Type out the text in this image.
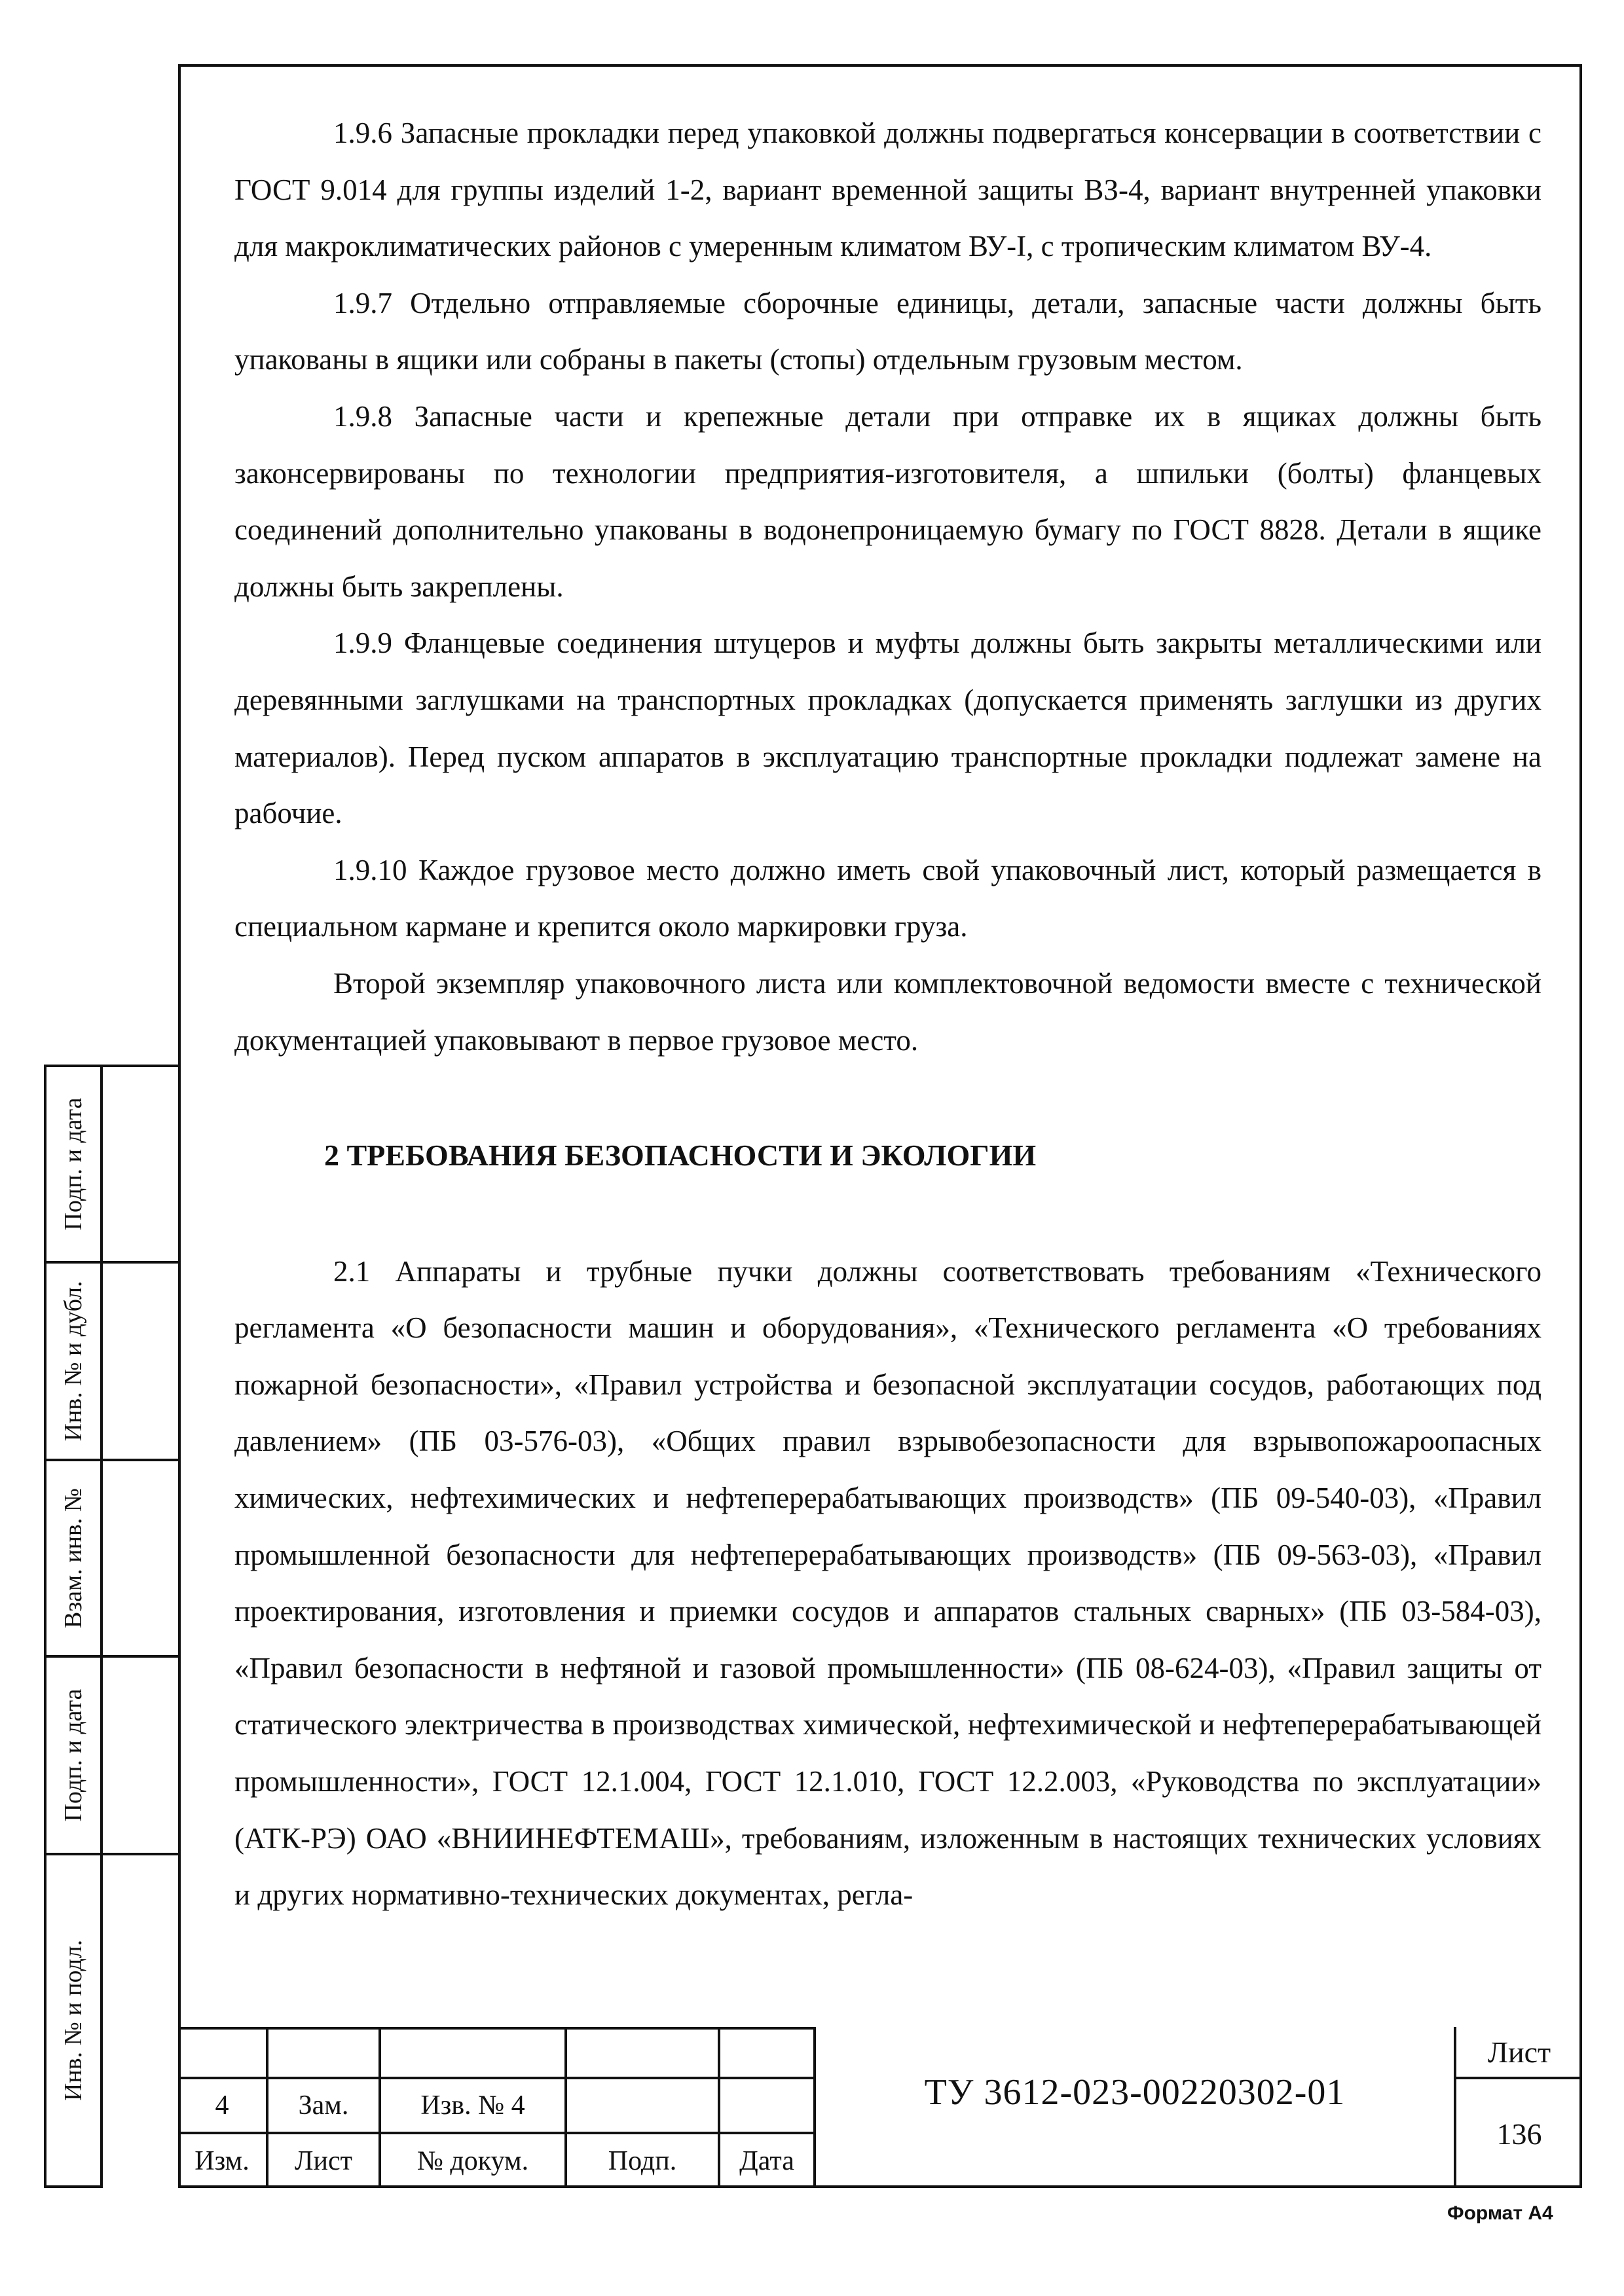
1.9.6 Запасные прокладки перед упаковкой должны подвергаться консервации в соответствии с ГОСТ 9.014 для группы изделий 1-2, вариант временной защиты ВЗ-4, вариант внутренней упаковки для макроклиматических районов с умеренным климатом ВУ-I, с тропическим климатом ВУ-4.

1.9.7 Отдельно отправляемые сборочные единицы, детали, запасные части должны быть упакованы в ящики или собраны в пакеты (стопы) отдельным грузовым местом.

1.9.8 Запасные части и крепежные детали при отправке их в ящиках должны быть законсервированы по технологии предприятия-изготовителя, а шпильки (болты) фланцевых соединений дополнительно упакованы в водонепроницаемую бумагу по ГОСТ 8828. Детали в ящике должны быть закреплены.

1.9.9 Фланцевые соединения штуцеров и муфты должны быть закрыты металлическими или деревянными заглушками на транспортных прокладках (допускается применять заглушки из других материалов). Перед пуском аппаратов в эксплуатацию транспортные прокладки подлежат замене на рабочие.

1.9.10 Каждое грузовое место должно иметь свой упаковочный лист, который размещается в специальном кармане и крепится около маркировки груза.

Второй экземпляр упаковочного листа или комплектовочной ведомости вместе с технической документацией упаковывают в первое грузовое место.

2 ТРЕБОВАНИЯ БЕЗОПАСНОСТИ И ЭКОЛОГИИ

2.1 Аппараты и трубные пучки должны соответствовать требованиям «Технического регламента «О безопасности машин и оборудования», «Технического регламента «О требованиях пожарной безопасности», «Правил устройства и безопасной эксплуатации сосудов, работающих под давлением» (ПБ 03-576-03), «Общих правил взрывобезопасности для взрывопожароопасных химических, нефтехимических и нефтеперерабатывающих производств» (ПБ 09-540-03), «Правил промышленной безопасности для нефтеперерабатывающих производств» (ПБ 09-563-03), «Правил проектирования, изготовления и приемки сосудов и аппаратов стальных сварных» (ПБ 03-584-03), «Правил безопасности в нефтяной и газовой промышленности» (ПБ 08-624-03), «Правил защиты от статического электричества в производствах химической, нефтехимической и нефтеперерабатывающей промышленности», ГОСТ 12.1.004, ГОСТ 12.1.010, ГОСТ 12.2.003, «Руководства по эксплуатации» (АТК-РЭ) ОАО «ВНИИНЕФТЕМАШ», требованиям, изложенным в настоящих технических условиях и других нормативно-технических документах, регла-

Подп. и дата
Инв. № и дубл.
Взам. инв. №
Подп. и дата
Инв. № и подл.
4	Зам.	Изв. № 4
Изм.	Лист	№ докум.	Подп.	Дата
ТУ 3612-023-00220302-01
Лист
136
Формат А4
